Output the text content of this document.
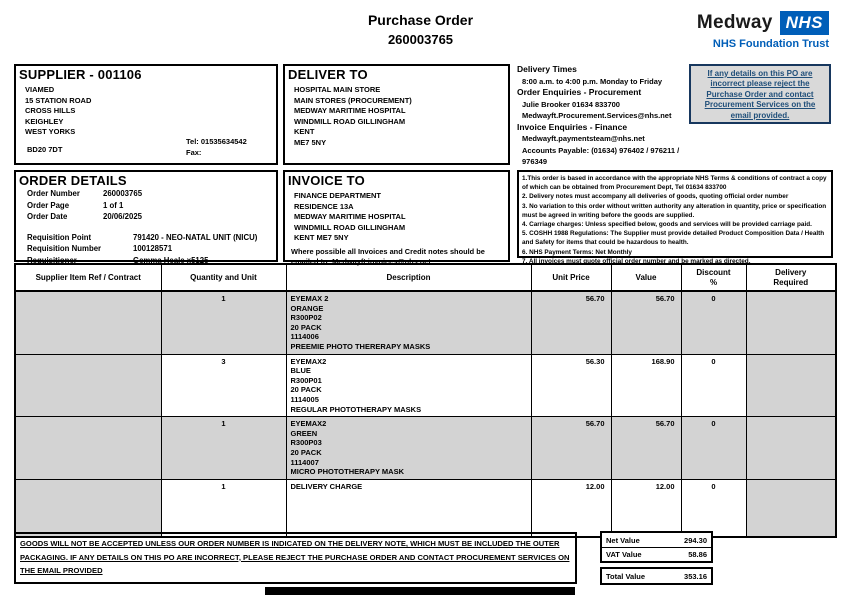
Purchase Order
260003765
Medway NHS
NHS Foundation Trust
SUPPLIER - 001106
VIAMED
15 STATION ROAD
CROSS HILLS
KEIGHLEY
WEST YORKS
BD20 7DT
Tel: 01535634542
Fax:
DELIVER TO
HOSPITAL MAIN STORE
MAIN STORES (PROCUREMENT)
MEDWAY MARITIME HOSPITAL
WINDMILL ROAD GILLINGHAM
KENT
ME7 5NY
Delivery Times
8:00 a.m. to 4:00 p.m. Monday to Friday
Order Enquiries - Procurement
Julie Brooker 01634 833700
Medwayft.Procurement.Services@nhs.net
Invoice Enquiries - Finance
Medwayft.paymentsteam@nhs.net
Accounts Payable: (01634) 976402 / 976211 / 976349
If any details on this PO are incorrect please reject the Purchase Order and contact Procurement Services on the email provided.
ORDER DETAILS
Order Number	260003765
Order Page	1 of 1
Order Date	20/06/2025
Requisition Point	791420 - NEO-NATAL UNIT (NICU)
Requisition Number	100128571
Requisitioner	Gemma Heale x5125
INVOICE TO
FINANCE DEPARTMENT
RESIDENCE 13A
MEDWAY MARITIME HOSPITAL
WINDMILL ROAD GILLINGHAM
KENT ME7 5NY
Where possible all Invoices and Credit notes should be emailed to: Medwayft.invoices@nhs.net
1.This order is based in accordance with the appropriate NHS Terms & conditions of contract a copy of which can be obtained from Procurement Dept, Tel 01634 833700
2. Delivery notes must accompany all deliveries of goods, quoting official order number
3. No variation to this order without written authority any alteration in quantity, price or specification must be agreed in writing before the goods are supplied.
4. Carriage charges: Unless specified below, goods and services will be provided carriage paid.
5. COSHH 1988 Regulations: The Supplier must provide detailed Product Composition Data / Health and Safety for items that could be hazardous to health.
6. NHS Payment Terms: Net Monthly
7. All invoices must quote official order number and be marked as directed.
Supplier Item Ref / Contract	Quantity and Unit	Description	Unit Price	Value	Discount %	Delivery Required
	1	EYEMAX 2
ORANGE
R300P02
20 PACK
1114006
PREEMIE PHOTO THERERAPY MASKS
	56.70	56.70	0	
	3	EYEMAX2
BLUE
R300P01
20 PACK
1114005
REGULAR PHOTOTHERAPY MASKS
	56.30	168.90	0	
	1	EYEMAX2
GREEN
R300P03
20 PACK
1114007
MICRO PHOTOTHERAPY MASK
	56.70	56.70	0	
	1	DELIVERY CHARGE	12.00	12.00	0	
GOODS WILL NOT BE ACCEPTED UNLESS OUR ORDER NUMBER IS INDICATED ON THE DELIVERY NOTE, WHICH MUST BE INCLUDED THE OUTER PACKAGING. IF ANY DETAILS ON THIS PO ARE INCORRECT, PLEASE REJECT THE PURCHASE ORDER AND CONTACT PROCUREMENT SERVICES ON THE EMAIL PROVIDED
Net Value	294.30
VAT Value	58.86
Total Value	353.16
